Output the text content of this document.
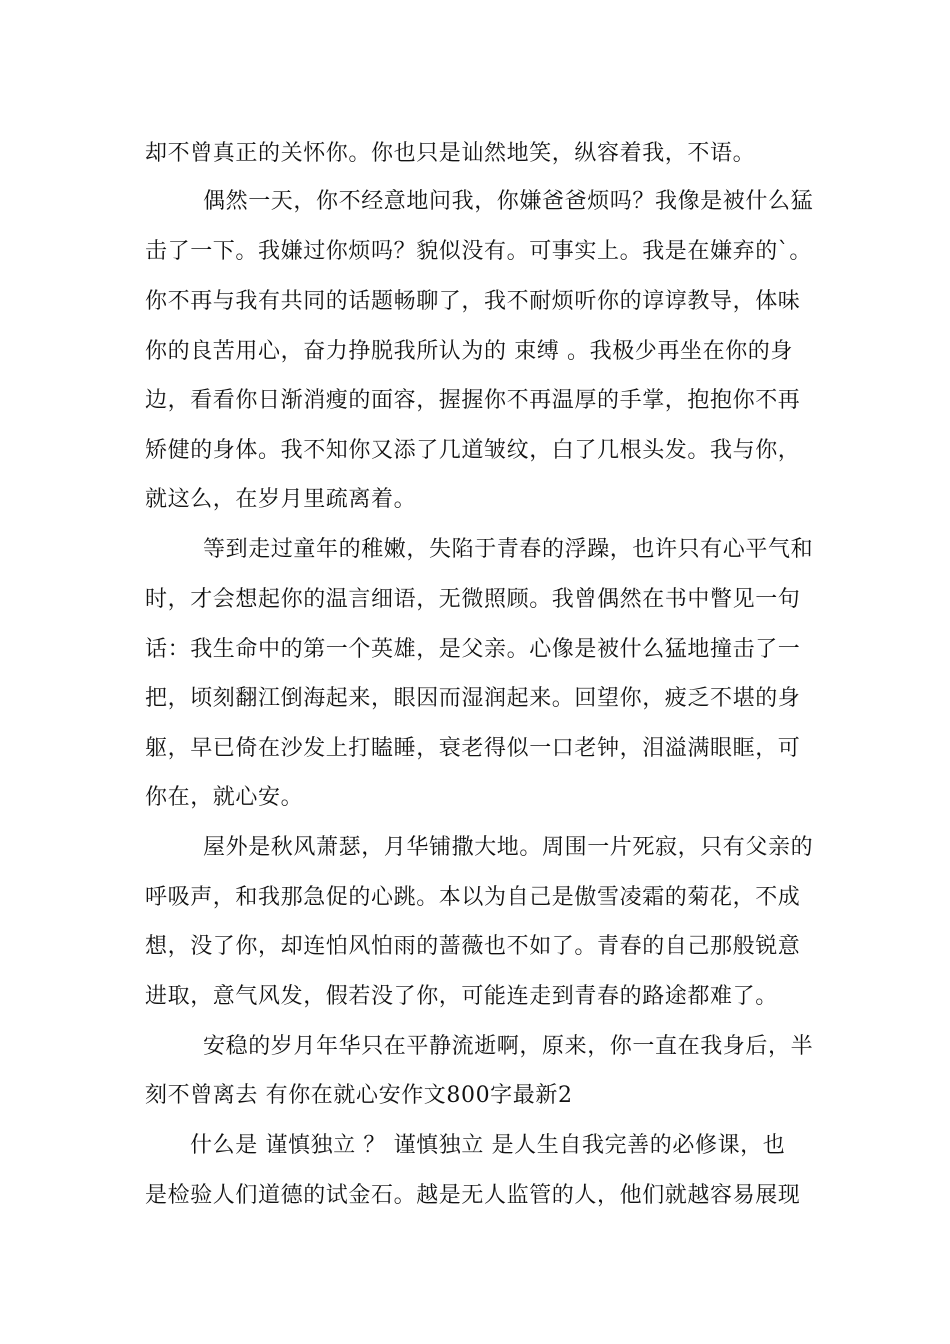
却不曾真正的关怀你。你也只是讪然地笑，纵容着我，不语。
偶然一天，你不经意地问我，你嫌爸爸烦吗？我像是被什么猛
击了一下。我嫌过你烦吗？貌似没有。可事实上。我是在嫌弃的`。
你不再与我有共同的话题畅聊了，我不耐烦听你的谆谆教导，体味
你的良苦用心，奋力挣脱我所认为的 束缚 。我极少再坐在你的身
边，看看你日渐消瘦的面容，握握你不再温厚的手掌，抱抱你不再
矫健的身体。我不知你又添了几道皱纹，白了几根头发。我与你，
就这么，在岁月里疏离着。
等到走过童年的稚嫩，失陷于青春的浮躁，也许只有心平气和
时，才会想起你的温言细语，无微照顾。我曾偶然在书中瞥见一句
话：我生命中的第一个英雄，是父亲。心像是被什么猛地撞击了一
把，顷刻翻江倒海起来，眼因而湿润起来。回望你，疲乏不堪的身
躯，早已倚在沙发上打瞌睡，衰老得似一口老钟，泪溢满眼眶，可
你在，就心安。
屋外是秋风萧瑟，月华铺撒大地。周围一片死寂，只有父亲的
呼吸声，和我那急促的心跳。本以为自己是傲雪凌霜的菊花，不成
想，没了你，却连怕风怕雨的蔷薇也不如了。青春的自己那般锐意
进取，意气风发，假若没了你，可能连走到青春的路途都难了。
安稳的岁月年华只在平静流逝啊，原来，你一直在我身后，半
刻不曾离去 有你在就心安作文800字最新2
什么是 谨慎独立 ？ 谨慎独立 是人生自我完善的必修课，也
是检验人们道德的试金石。越是无人监管的人，他们就越容易展现
